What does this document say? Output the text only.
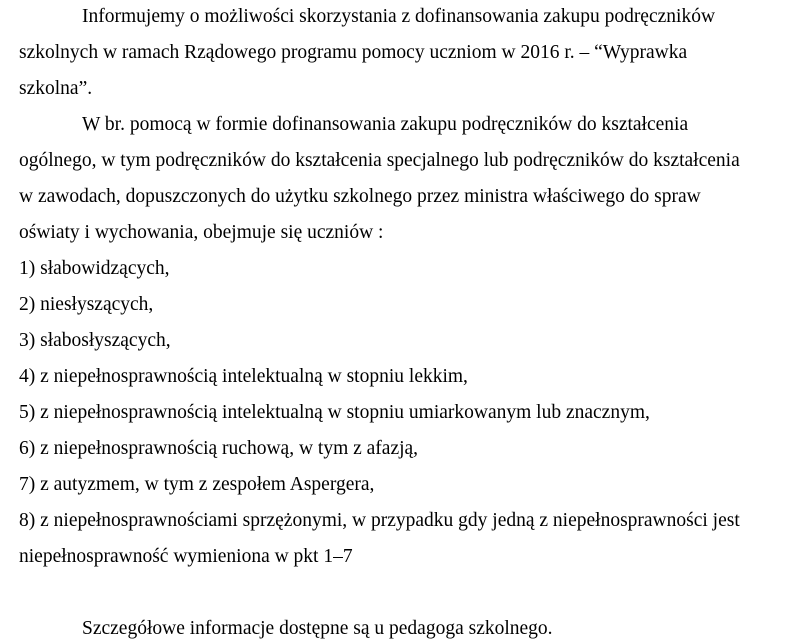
Informujemy o możliwości skorzystania z dofinansowania zakupu podręczników
szkolnych w ramach Rządowego programu pomocy uczniom w 2016 r. – “Wyprawka
szkolna”.
W br. pomocą w formie dofinansowania zakupu podręczników do kształcenia
ogólnego, w tym podręczników do kształcenia specjalnego lub podręczników do kształcenia
w zawodach, dopuszczonych do użytku szkolnego przez ministra właściwego do spraw
oświaty i wychowania, obejmuje się uczniów :
1) słabowidzących,
2) niesłyszących,
3) słabosłyszących,
4) z niepełnosprawnością intelektualną w stopniu lekkim,
5) z niepełnosprawnością intelektualną w stopniu umiarkowanym lub znacznym,
6) z niepełnosprawnością ruchową, w tym z afazją,
7) z autyzmem, w tym z zespołem Aspergera,
8) z niepełnosprawnościami sprzężonymi, w przypadku gdy jedną z niepełnosprawności jest
niepełnosprawność wymieniona w pkt 1–7
Szczegółowe informacje dostępne są u pedagoga szkolnego.
